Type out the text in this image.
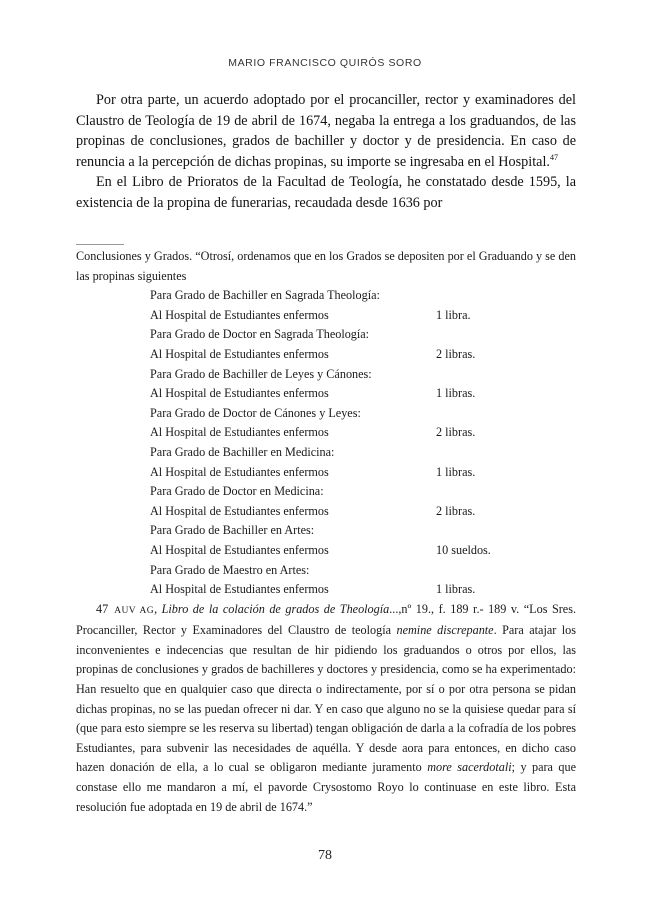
MARIO FRANCISCO QUIRÓS SORO

Por otra parte, un acuerdo adoptado por el procanciller, rector y examinadores del Claustro de Teología de 19 de abril de 1674, negaba la entrega a los graduandos, de las propinas de conclusiones, grados de bachiller y doctor y de presidencia. En caso de renuncia a la percepción de dichas propinas, su importe se ingresaba en el Hospital.$^{47}$

En el Libro de Prioratos de la Facultad de Teología, he constatado desde 1595, la existencia de la propina de funerarias, recaudada desde 1636 por

Conclusiones y Grados. “Otrosí, ordenamos que en los Grados se depositen por el Graduando y se den las propinas siguientes

Para Grado de Bachiller en Sagrada Theología:
Al Hospital de Estudiantes enfermos	1 libra.
Para Grado de Doctor en Sagrada Theología:
Al Hospital de Estudiantes enfermos	2 libras.
Para Grado de Bachiller de Leyes y Cánones:
Al Hospital de Estudiantes enfermos	1 libras.
Para Grado de Doctor de Cánones y Leyes:
Al Hospital de Estudiantes enfermos	2 libras.
Para Grado de Bachiller en Medicina:
Al Hospital de Estudiantes enfermos	1 libras.
Para Grado de Doctor en Medicina:
Al Hospital de Estudiantes enfermos	2 libras.
Para Grado de Bachiller en Artes:
Al Hospital de Estudiantes enfermos	10 sueldos.
Para Grado de Maestro en Artes:
Al Hospital de Estudiantes enfermos	1 libras.

47 AUV AG, Libro de la colación de grados de Theología...,nº 19., f. 189 r.- 189 v. “Los Sres. Procanciller, Rector y Examinadores del Claustro de teología nemine discrepante. Para atajar los inconvenientes e indecencias que resultan de hir pidiendo los graduandos o otros por ellos, las propinas de conclusiones y grados de bachilleres y doctores y presidencia, como se ha experimentado: Han resuelto que en qualquier caso que directa o indirectamente, por sí o por otra persona se pidan dichas propinas, no se las puedan ofrecer ni dar. Y en caso que alguno no se la quisiese quedar para sí (que para esto siempre se les reserva su libertad) tengan obligación de darla a la cofradía de los pobres Estudiantes, para subvenir las necesidades de aquélla. Y desde aora para entonces, en dicho caso hazen donación de ella, a lo cual se obligaron mediante juramento more sacerdotali; y para que constase ello me mandaron a mí, el pavorde Crysostomo Royo lo continuase en este libro. Esta resolución fue adoptada en 19 de abril de 1674.”

78
